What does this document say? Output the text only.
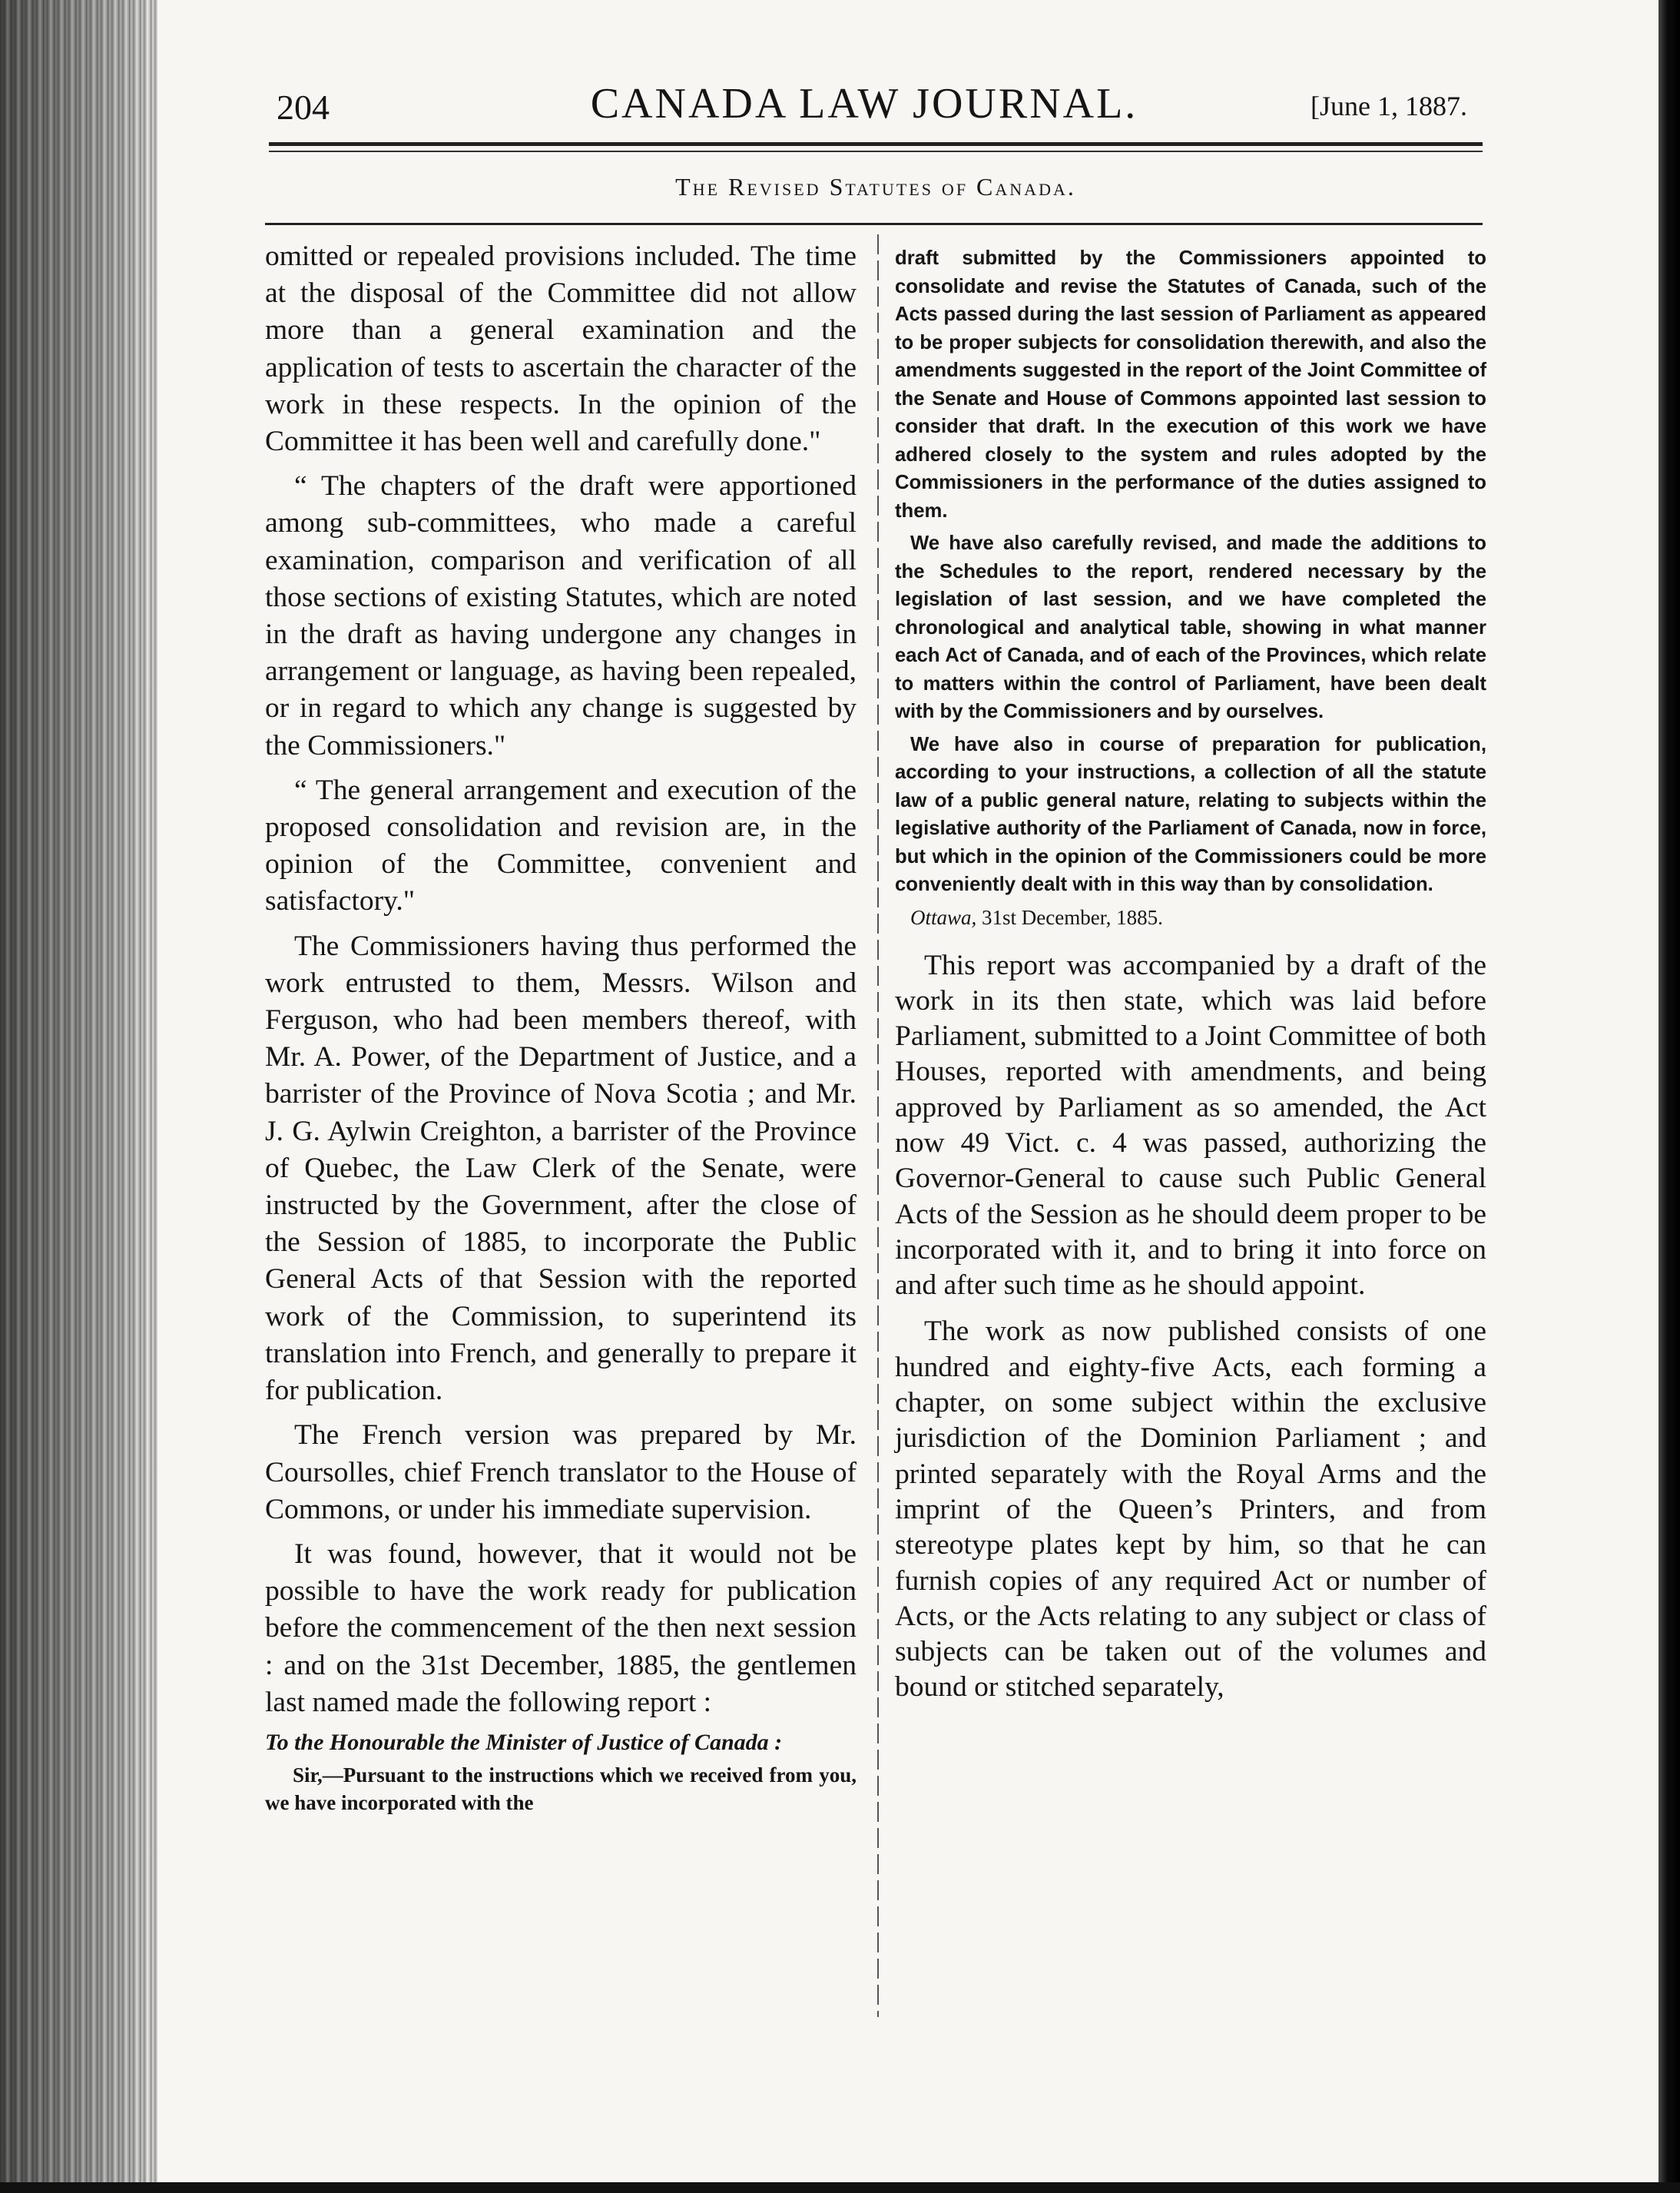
204	CANADA LAW JOURNAL.	[June 1, 1887.
The Revised Statutes of Canada.

omitted or repealed provisions included. The time at the disposal of the Committee did not allow more than a general examination and the application of tests to ascertain the character of the work in these respects. In the opinion of the Committee it has been well and carefully done."

“ The chapters of the draft were apportioned among sub-committees, who made a careful examination, comparison and verification of all those sections of existing Statutes, which are noted in the draft as having undergone any changes in arrangement or language, as having been repealed, or in regard to which any change is suggested by the Commissioners."

“ The general arrangement and execution of the proposed consolidation and revision are, in the opinion of the Committee, convenient and satisfactory."

The Commissioners having thus performed the work entrusted to them, Messrs. Wilson and Ferguson, who had been members thereof, with Mr. A. Power, of the Department of Justice, and a barrister of the Province of Nova Scotia ; and Mr. J. G. Aylwin Creighton, a barrister of the Province of Quebec, the Law Clerk of the Senate, were instructed by the Government, after the close of the Session of 1885, to incorporate the Public General Acts of that Session with the reported work of the Commission, to superintend its translation into French, and generally to prepare it for publication.

The French version was prepared by Mr. Coursolles, chief French translator to the House of Commons, or under his immediate supervision.

It was found, however, that it would not be possible to have the work ready for publication before the commencement of the then next session : and on the 31st December, 1885, the gentlemen last named made the following report :

To the Honourable the Minister of Justice of Canada :

Sir,—Pursuant to the instructions which we received from you, we have incorporated with the

draft submitted by the Commissioners appointed to consolidate and revise the Statutes of Canada, such of the Acts passed during the last session of Parliament as appeared to be proper subjects for consolidation therewith, and also the amendments suggested in the report of the Joint Committee of the Senate and House of Commons appointed last session to consider that draft. In the execution of this work we have adhered closely to the system and rules adopted by the Commissioners in the performance of the duties assigned to them.

We have also carefully revised, and made the additions to the Schedules to the report, rendered necessary by the legislation of last session, and we have completed the chronological and analytical table, showing in what manner each Act of Canada, and of each of the Provinces, which relate to matters within the control of Parliament, have been dealt with by the Commissioners and by ourselves.

We have also in course of preparation for publication, according to your instructions, a collection of all the statute law of a public general nature, relating to subjects within the legislative authority of the Parliament of Canada, now in force, but which in the opinion of the Commissioners could be more conveniently dealt with in this way than by consolidation.

Ottawa, 31st December, 1885.

This report was accompanied by a draft of the work in its then state, which was laid before Parliament, submitted to a Joint Committee of both Houses, reported with amendments, and being approved by Parliament as so amended, the Act now 49 Vict. c. 4 was passed, authorizing the Governor-General to cause such Public General Acts of the Session as he should deem proper to be incorporated with it, and to bring it into force on and after such time as he should appoint.

The work as now published consists of one hundred and eighty-five Acts, each forming a chapter, on some subject within the exclusive jurisdiction of the Dominion Parliament ; and printed separately with the Royal Arms and the imprint of the Queen’s Printers, and from stereotype plates kept by him, so that he can furnish copies of any required Act or number of Acts, or the Acts relating to any subject or class of subjects can be taken out of the volumes and bound or stitched separately,
